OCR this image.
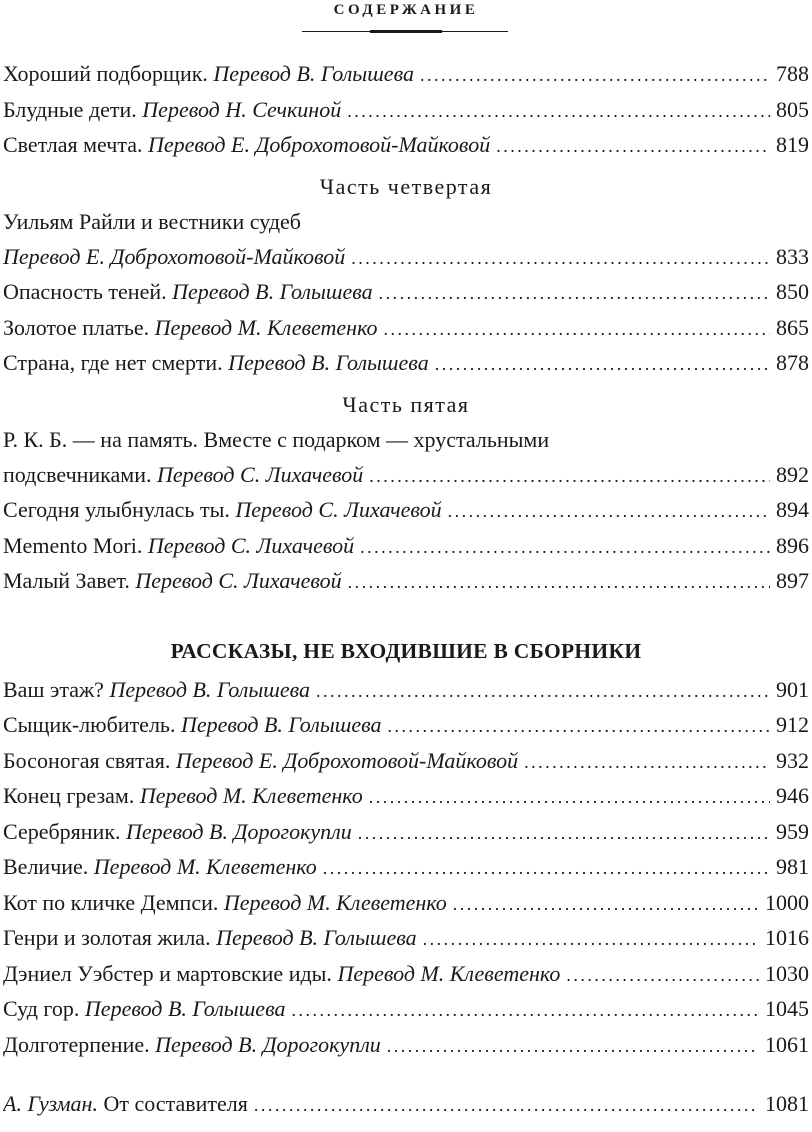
СОДЕРЖАНИЕ
Хороший подборщик. Перевод В. Голышева .....	788
Блудные дети. Перевод Н. Сечкиной .....	805
Светлая мечта. Перевод Е. Доброхотовой-Майковой .....	819
Часть четвертая
Уильям Райли и вестники судеб
Перевод Е. Доброхотовой-Майковой .....	833
Опасность теней. Перевод В. Голышева .....	850
Золотое платье. Перевод М. Клеветенко .....	865
Страна, где нет смерти. Перевод В. Голышева .....	878
Часть пятая
Р. К. Б. — на память. Вместе с подарком — хрустальными
подсвечниками. Перевод С. Лихачевой .....	892
Сегодня улыбнулась ты. Перевод С. Лихачевой .....	894
Memento Mori. Перевод С. Лихачевой .....	896
Малый Завет. Перевод С. Лихачевой .....	897
РАССКАЗЫ, НЕ ВХОДИВШИЕ В СБОРНИКИ
Ваш этаж? Перевод В. Голышева .....	901
Сыщик-любитель. Перевод В. Голышева .....	912
Босоногая святая. Перевод Е. Доброхотовой-Майковой .....	932
Конец грезам. Перевод М. Клеветенко .....	946
Серебряник. Перевод В. Дорогокупли .....	959
Величие. Перевод М. Клеветенко .....	981
Кот по кличке Демпси. Перевод М. Клеветенко .....	1000
Генри и золотая жила. Перевод В. Голышева .....	1016
Дэниел Уэбстер и мартовские иды. Перевод М. Клеветенко .....	1030
Суд гор. Перевод В. Голышева .....	1045
Долготерпение. Перевод В. Дорогокупли .....	1061
А. Гузман. От составителя .....	1081
